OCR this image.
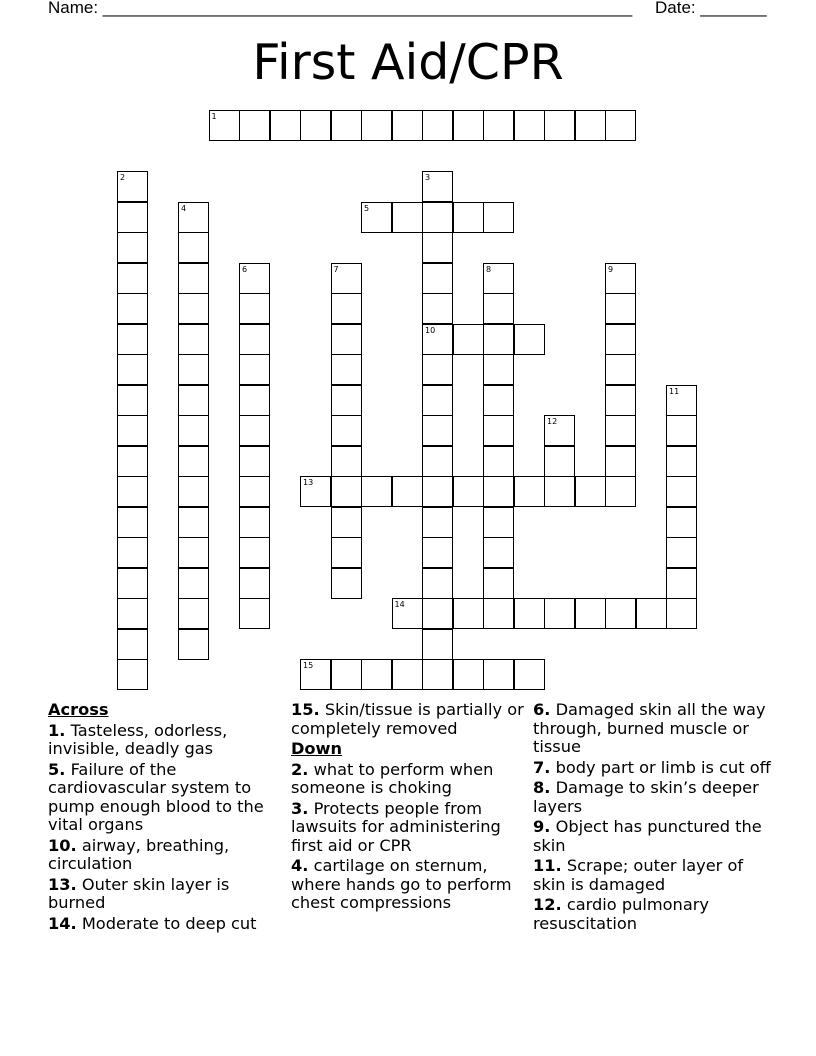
Name: ________________________________________________________ Date: _______
First Aid/CPR
1
2	3
10
4	5
6	7	8	9
11
12
13
14
15
Across
1. Tasteless, odorless, invisible, deadly gas
5. Failure of the cardiovascular system to pump enough blood to the vital organs
10. airway, breathing, circulation
13. Outer skin layer is burned
14. Moderate to deep cut
15. Skin/tissue is partially or completely removed
Down
2. what to perform when someone is choking
3. Protects people from lawsuits for administering first aid or CPR
4. cartilage on sternum, where hands go to perform chest compressions
6. Damaged skin all the way through, burned muscle or tissue
7. body part or limb is cut off
8. Damage to skin’s deeper layers
9. Object has punctured the skin
11. Scrape; outer layer of skin is damaged
12. cardio pulmonary resuscitation
